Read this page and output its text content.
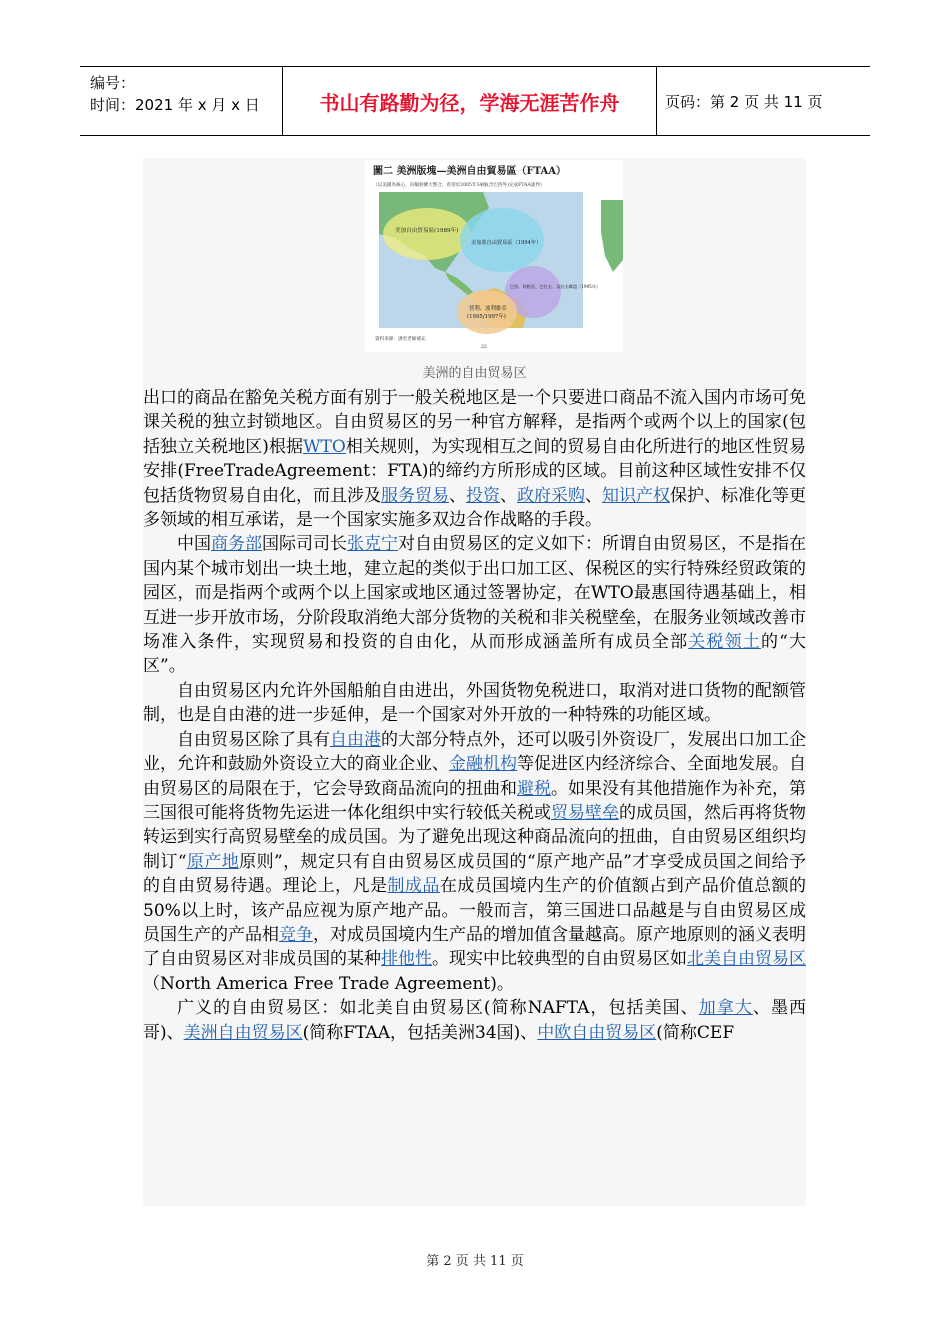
编号：
时间：2021 年 x 月 x 日	书山有路勤为径，学海无涯苦作舟	页码：第 2 页 共 11 页
圖二 美洲版塊—美洲自由貿易區（FTAA）
（以美國為核心，向輻射擴大整合，希望於2005年34國(含巴西外)完成FTAA談判）
美加自由貿易區(1989年)
美加墨自由貿易區（1994年）
巴西、阿根廷、巴拉圭、烏拉圭聯盟（1995年）
智利、波利維亞
(1995/1997年)
資料來源：課堂老師補充
22
美洲的自由贸易区

出口的商品在豁免关税方面有别于一般关税地区是一个只要进口商品不流入国内市场可免课关税的独立封锁地区。自由贸易区的另一种官方解释，是指两个或两个以上的国家(包括独立关税地区)根据WTO相关规则，为实现相互之间的贸易自由化所进行的地区性贸易安排(FreeTradeAgreement：FTA)的缔约方所形成的区域。目前这种区域性安排不仅包括货物贸易自由化，而且涉及服务贸易、投资、政府采购、知识产权保护、标准化等更多领域的相互承诺，是一个国家实施多双边合作战略的手段。

中国商务部国际司司长张克宁对自由贸易区的定义如下：所谓自由贸易区，不是指在国内某个城市划出一块土地，建立起的类似于出口加工区、保税区的实行特殊经贸政策的园区，而是指两个或两个以上国家或地区通过签署协定，在WTO最惠国待遇基础上，相互进一步开放市场，分阶段取消绝大部分货物的关税和非关税壁垒，在服务业领域改善市场准入条件，实现贸易和投资的自由化，从而形成涵盖所有成员全部关税领土的“大区”。

自由贸易区内允许外国船舶自由进出，外国货物免税进口，取消对进口货物的配额管制，也是自由港的进一步延伸，是一个国家对外开放的一种特殊的功能区域。

自由贸易区除了具有自由港的大部分特点外，还可以吸引外资设厂，发展出口加工企业，允许和鼓励外资设立大的商业企业、金融机构等促进区内经济综合、全面地发展。自由贸易区的局限在于，它会导致商品流向的扭曲和避税。如果没有其他措施作为补充，第三国很可能将货物先运进一体化组织中实行较低关税或贸易壁垒的成员国，然后再将货物转运到实行高贸易壁垒的成员国。为了避免出现这种商品流向的扭曲，自由贸易区组织均制订“原产地原则”，规定只有自由贸易区成员国的“原产地产品”才享受成员国之间给予的自由贸易待遇。理论上，凡是制成品在成员国境内生产的价值额占到产品价值总额的50%以上时，该产品应视为原产地产品。一般而言，第三国进口品越是与自由贸易区成员国生产的产品相竞争，对成员国境内生产品的增加值含量越高。原产地原则的涵义表明了自由贸易区对非成员国的某种排他性。现实中比较典型的自由贸易区如北美自由贸易区（North America Free Trade Agreement)。

广义的自由贸易区：如北美自由贸易区(简称NAFTA，包括美国、加拿大、墨西哥)、美洲自由贸易区(简称FTAA，包括美洲34国)、中欧自由贸易区(简称CEF

第 2 页 共 11 页
